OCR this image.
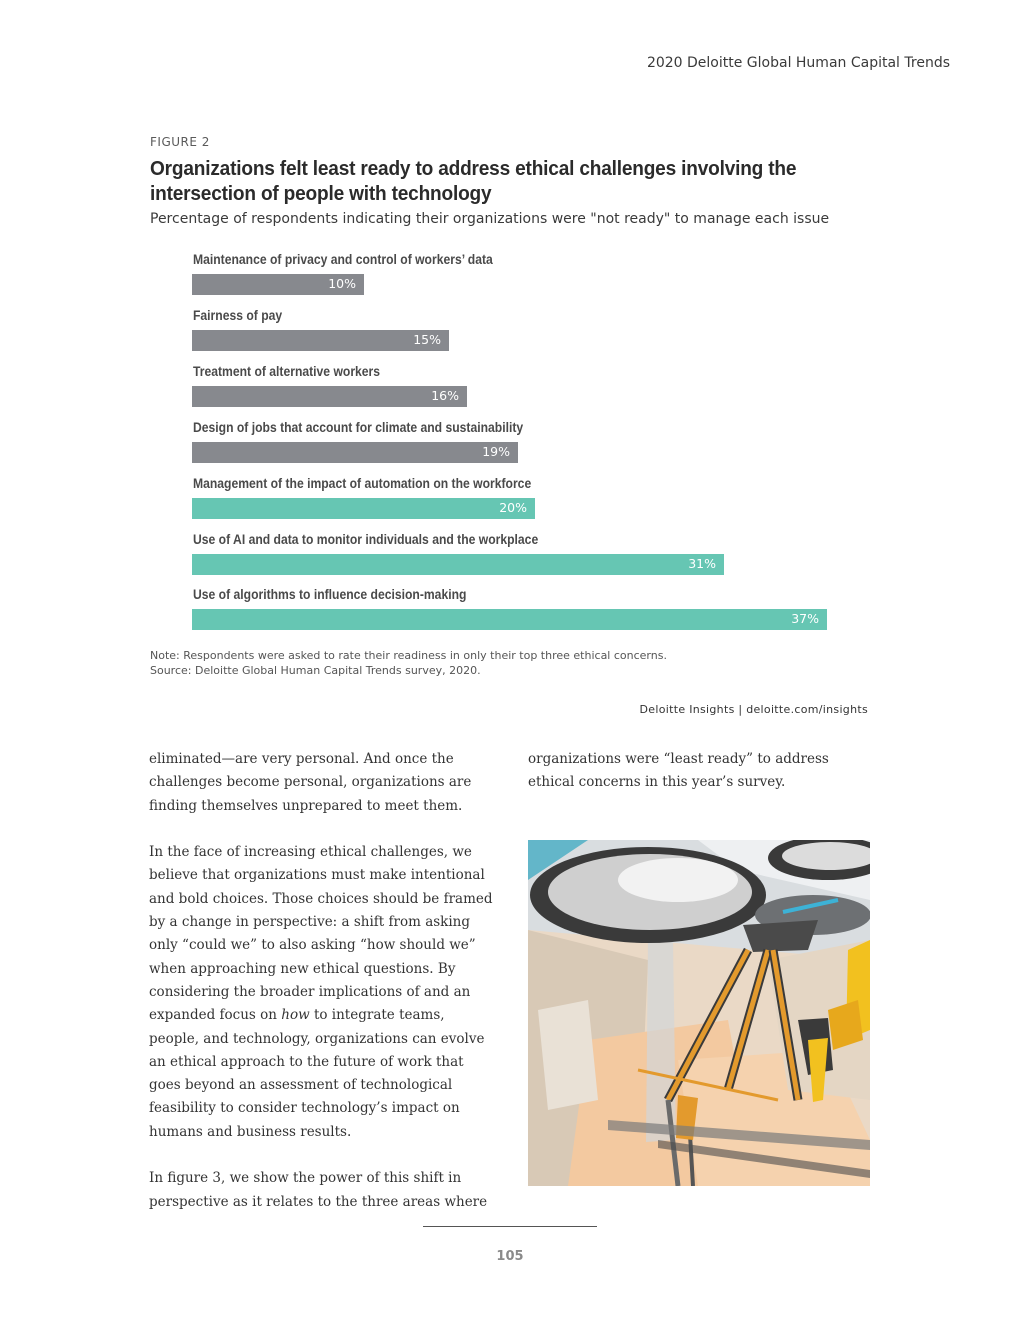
2020 Deloitte Global Human Capital Trends
FIGURE 2
Organizations felt least ready to address ethical challenges involving the intersection of people with technology
Percentage of respondents indicating their organizations were "not ready" to manage each issue
Maintenance of privacy and control of workers’ data
10%
Fairness of pay
15%
Treatment of alternative workers
16%
Design of jobs that account for climate and sustainability
19%
Management of the impact of automation on the workforce
20%
Use of AI and data to monitor individuals and the workplace
31%
Use of algorithms to influence decision-making
37%
Note: Respondents were asked to rate their readiness in only their top three ethical concerns.
Source: Deloitte Global Human Capital Trends survey, 2020.
Deloitte Insights | deloitte.com/insights

eliminated—are very personal. And once the challenges become personal, organizations are finding themselves unprepared to meet them.

In the face of increasing ethical challenges, we believe that organizations must make intentional and bold choices. Those choices should be framed by a change in perspective: a shift from asking only “could we” to also asking “how should we” when approaching new ethical questions. By considering the broader implications of and an expanded focus on how to integrate teams, people, and technology, organizations can evolve an ethical approach to the future of work that goes beyond an assessment of technological feasibility to consider technology’s impact on humans and business results.

In figure 3, we show the power of this shift in perspective as it relates to the three areas where

organizations were “least ready” to address ethical concerns in this year’s survey.

105
